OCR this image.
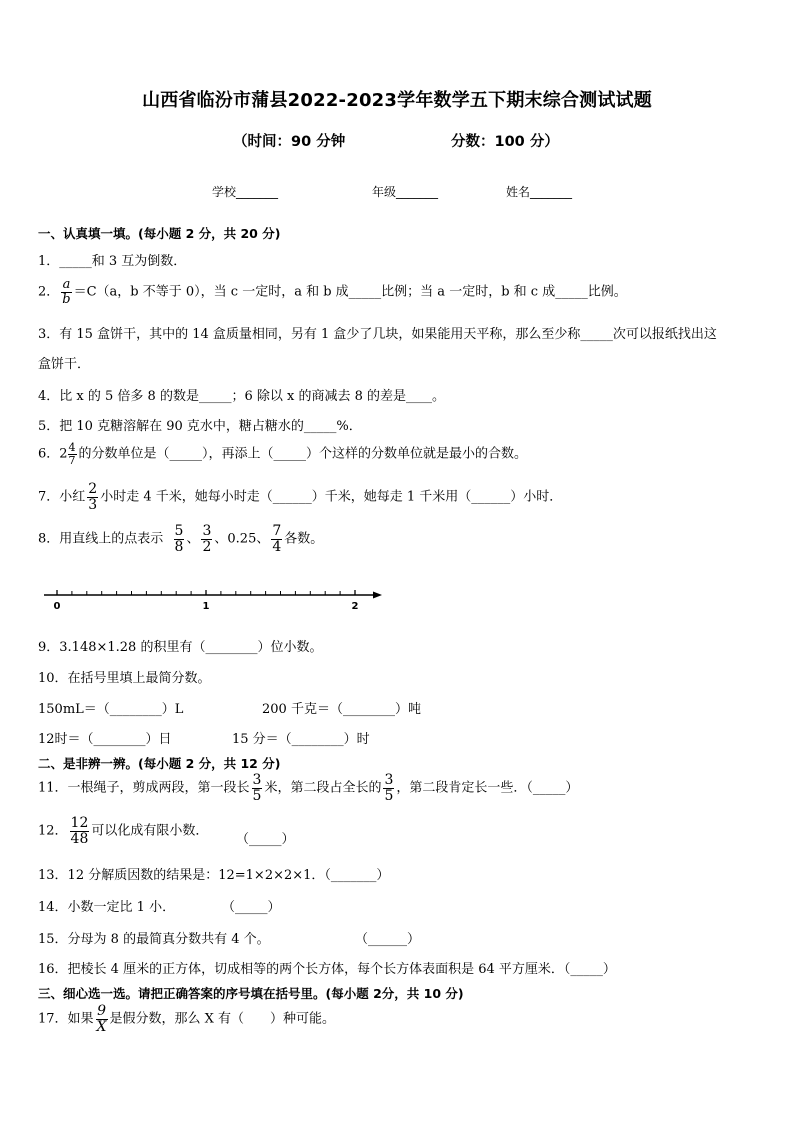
山西省临汾市蒲县2022-2023学年数学五下期末综合测试试题
（时间：90 分钟	分数：100 分）
学校_______	年级_______	姓名_______
一、认真填一填。(每小题 2 分，共 20 分)
1．_____和 3 互为倒数．
2． $\frac{a}{b} =C(a$，b 不等于 0），当 c 一定时，a 和 b 成_____比例；当 a 一定时，b 和 c 成_____比例。
3．有 15 盒饼干，其中的 14 盒质量相同，另有 1 盒少了几块，如果能用天平称，那么至少称_____次可以报纸找出这
盒饼干．
4．比 x 的 5 倍多 8 的数是_____；6 除以 x 的商减去 8 的差是____。
5．把 10 克糖溶解在 90 克水中，糖占糖水的_____%．
6．$2 \frac{4}{7}$ 的分数单位是（_____），再添上（_____）个这样的分数单位就是最小的合数。
7．小红 $\frac{2}{3}$ 小时走 4 千米，她每小时走（______）千米，她每走 1 千米用（______）小时．
8．用直线上的点表示 $\frac{5}{8}$ 、 $\frac{3}{2}$ 、0.25、 $\frac{7}{4}$ 各数。
0	1	2
9．3.148×1.28 的积里有（________）位小数。
10．在括号里填上最简分数。
150mL＝（________）L	200 千克＝（________）吨
12时＝（________）日	15 分＝（________）时
二、是非辨一辨。(每小题 2 分，共 12 分)
11．一根绳子，剪成两段，第一段长 $\frac{3}{5}$ 米，第二段占全长的 $\frac{3}{5}$ ，第二段肯定长一些．（_____）
12． $\frac{12}{48}$ 可以化成有限小数．
（_____）
13．12 分解质因数的结果是：12=1×2×2×1．（_______）
14．小数一定比 1 小．	（_____）
15．分母为 8 的最简真分数共有 4 个。	（______）
16．把棱长 4 厘米的正方体，切成相等的两个长方体，每个长方体表面积是 64 平方厘米．（_____）
三、细心选一选。请把正确答案的序号填在括号里。(每小题 2分，共 10 分)
17．如果 $\frac{9}{X}$ 是假分数，那么 X 有（　　）种可能。
